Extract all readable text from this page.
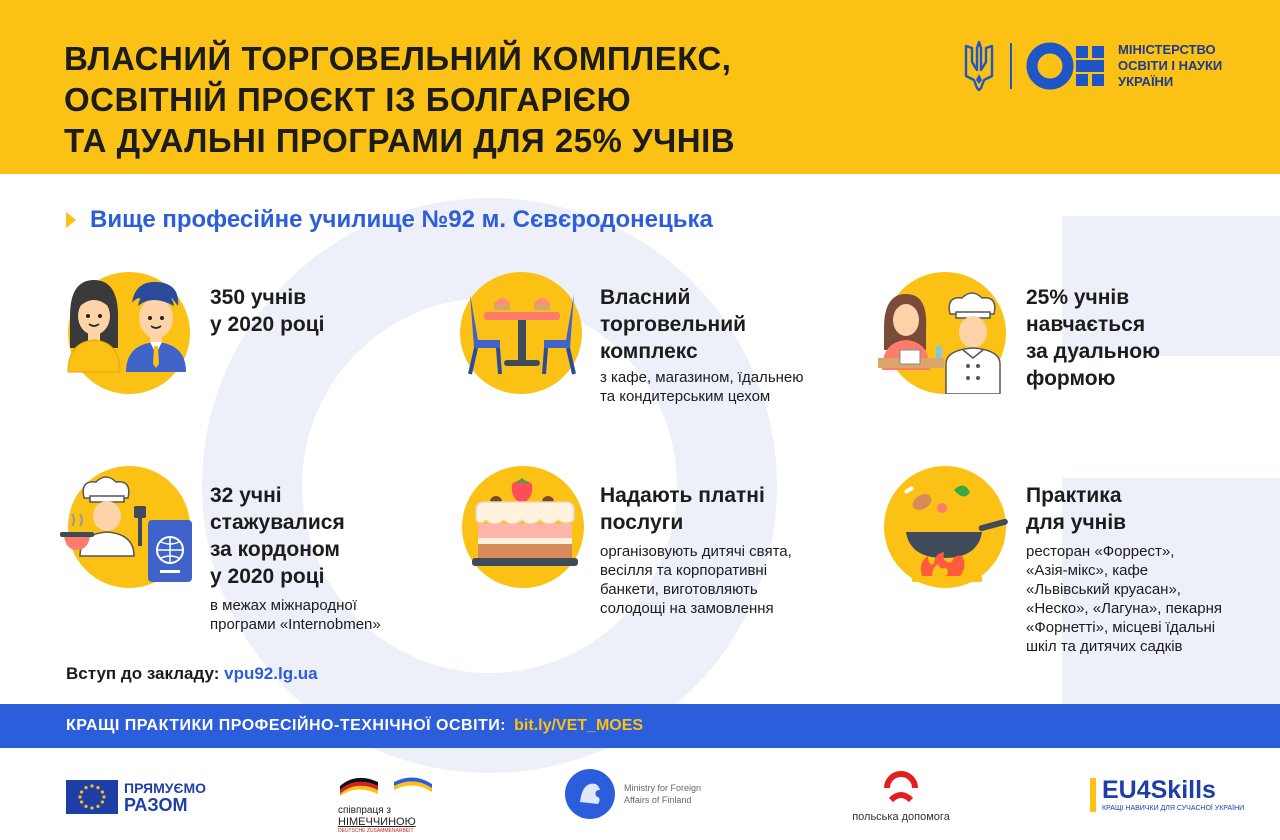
ВЛАСНИЙ ТОРГОВЕЛЬНИЙ КОМПЛЕКС,
ОСВІТНІЙ ПРОЄКТ ІЗ БОЛГАРІЄЮ
ТА ДУАЛЬНІ ПРОГРАМИ ДЛЯ 25% УЧНІВ
МІНІСТЕРСТВО
ОСВІТИ І НАУКИ
УКРАЇНИ
Вище професійне училище №92 м. Сєвєродонецька
350 учнів
у 2020 році
Власний
торговельний
комплекс
з кафе, магазином, їдальнею
та кондитерським цехом
25% учнів
навчається
за дуальною
формою
32 учні
стажувалися
за кордоном
у 2020 році
в межах міжнародної
програми «Internobmen»
Надають платні
послуги
організовують дитячі свята,
весілля та корпоративні
банкети, виготовляють
солодощі на замовлення
Практика
для учнів
ресторан «Форрест»,
«Азія-мікс», кафе
«Львівський круасан»,
«Неско», «Лагуна», пекарня
«Форнетті», місцеві їдальні
шкіл та дитячих садків
Вступ до закладу: vpu92.lg.ua
КРАЩІ ПРАКТИКИ ПРОФЕСІЙНО-ТЕХНІЧНОЇ ОСВІТИ: bit.ly/VET_MOES
ПРЯМУЄМО
РАЗОМ	співпраця з
НІМЕЧЧИНОЮ
DEUTSCHE ZUSAMMENARBEIT
Ministry for Foreign
Affairs of Finland
польська допомога
EU4Skills
КРАЩІ НАВИЧКИ ДЛЯ СУЧАСНОЇ УКРАЇНИ
